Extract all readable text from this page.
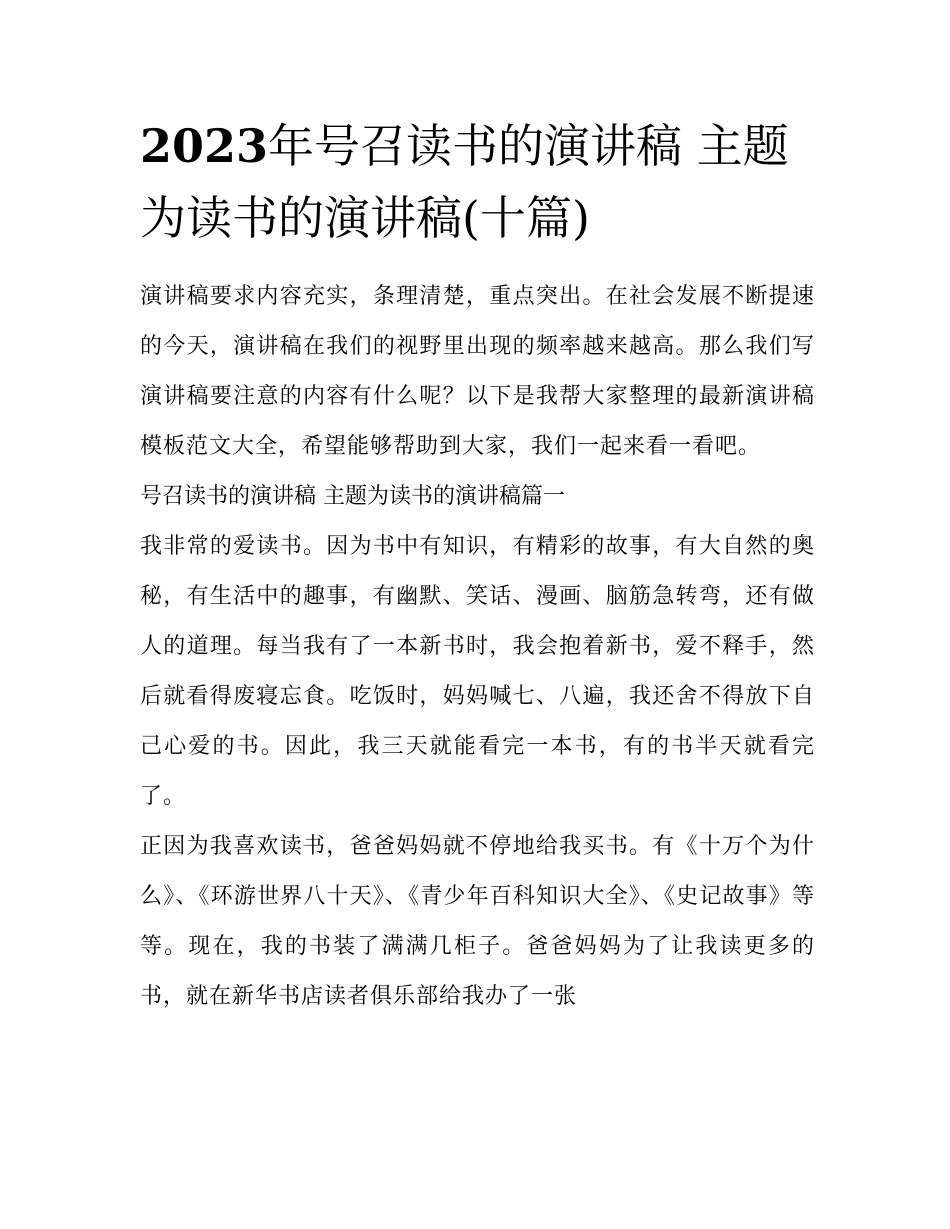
2023年号召读书的演讲稿 主题为读书的演讲稿(十篇)

演讲稿要求内容充实，条理清楚，重点突出。在社会发展不断提速的今天，演讲稿在我们的视野里出现的频率越来越高。那么我们写演讲稿要注意的内容有什么呢？以下是我帮大家整理的最新演讲稿模板范文大全，希望能够帮助到大家，我们一起来看一看吧。

号召读书的演讲稿 主题为读书的演讲稿篇一

我非常的爱读书。因为书中有知识，有精彩的故事，有大自然的奥秘，有生活中的趣事，有幽默、笑话、漫画、脑筋急转弯，还有做人的道理。每当我有了一本新书时，我会抱着新书，爱不释手，然后就看得废寝忘食。吃饭时，妈妈喊七、八遍，我还舍不得放下自己心爱的书。因此，我三天就能看完一本书，有的书半天就看完了。

正因为我喜欢读书，爸爸妈妈就不停地给我买书。有《十万个为什么》、《环游世界八十天》、《青少年百科知识大全》、《史记故事》等等。现在，我的书装了满满几柜子。爸爸妈妈为了让我读更多的书，就在新华书店读者俱乐部给我办了一张
